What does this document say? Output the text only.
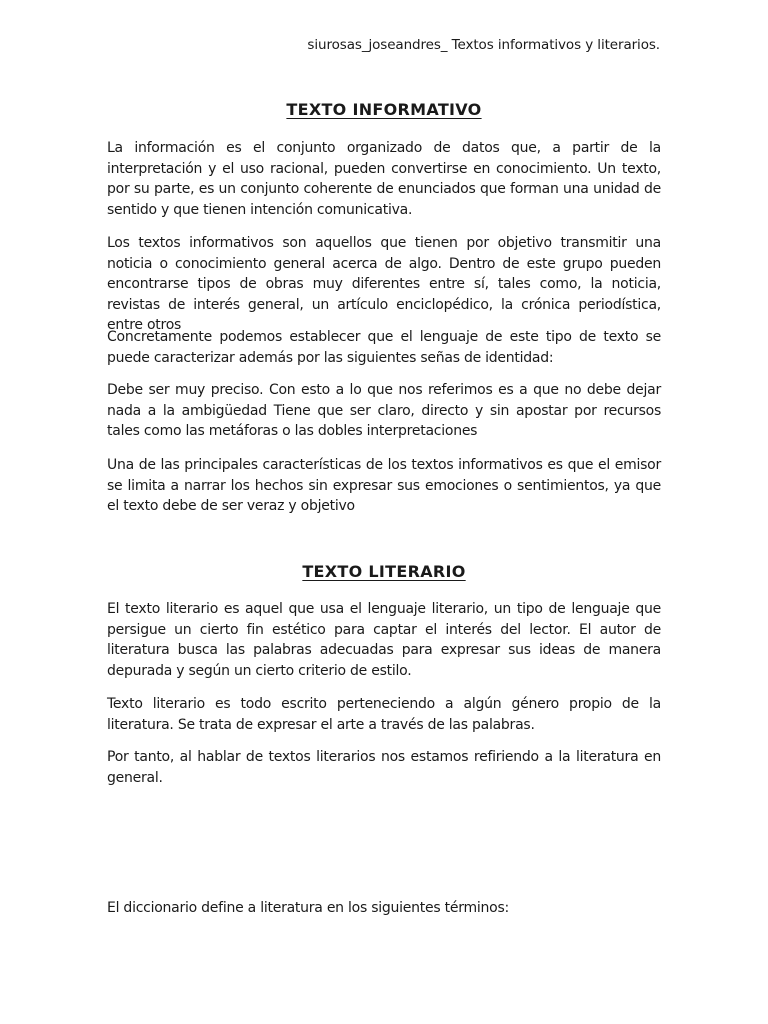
siurosas_joseandres_ Textos informativos y literarios.
TEXTO INFORMATIVO

La información es el conjunto organizado de datos que, a partir de la interpretación y el uso racional, pueden convertirse en conocimiento. Un texto, por su parte, es un conjunto coherente de enunciados que forman una unidad de sentido y que tienen intención comunicativa.

Los textos informativos son aquellos que tienen por objetivo transmitir una noticia o conocimiento general acerca de algo. Dentro de este grupo pueden encontrarse tipos de obras muy diferentes entre sí, tales como, la noticia, revistas de interés general, un artículo enciclopédico, la crónica periodística, entre otros

Concretamente podemos establecer que el lenguaje de este tipo de texto se puede caracterizar además por las siguientes señas de identidad:

Debe ser muy preciso. Con esto a lo que nos referimos es a que no debe dejar nada a la ambigüedad Tiene que ser claro, directo y sin apostar por recursos tales como las metáforas o las dobles interpretaciones

Una de las principales características de los textos informativos es que el emisor se limita a narrar los hechos sin expresar sus emociones o sentimientos, ya que el texto debe de ser veraz y objetivo

TEXTO LITERARIO

El texto literario es aquel que usa el lenguaje literario, un tipo de lenguaje que persigue un cierto fin estético para captar el interés del lector. El autor de literatura busca las palabras adecuadas para expresar sus ideas de manera depurada y según un cierto criterio de estilo.

Texto literario es todo escrito perteneciendo a algún género propio de la literatura. Se trata de expresar el arte a través de las palabras.

Por tanto, al hablar de textos literarios nos estamos refiriendo a la literatura en general.

El diccionario define a literatura en los siguientes términos:
